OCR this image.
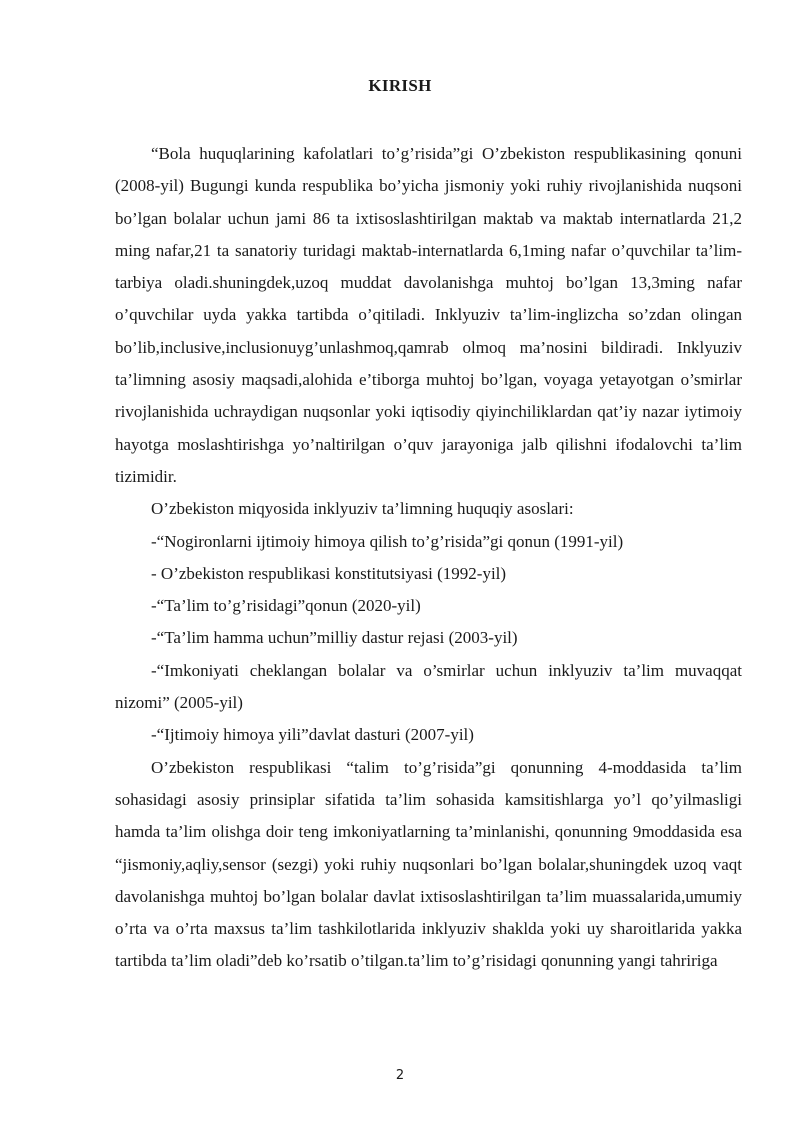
KIRISH

“Bola huquqlarining kafolatlari to’g’risida”gi O’zbekiston respublikasining qonuni (2008-yil) Bugungi kunda respublika bo’yicha jismoniy yoki ruhiy rivojlanishida nuqsoni bo’lgan bolalar uchun jami 86 ta ixtisoslashtirilgan maktab va maktab internatlarda 21,2 ming nafar,21 ta sanatoriy turidagi maktab-internatlarda 6,1ming nafar o’quvchilar ta’lim-tarbiya oladi.shuningdek,uzoq muddat davolanishga muhtoj bo’lgan 13,3ming nafar o’quvchilar uyda yakka tartibda o’qitiladi. Inklyuziv ta’lim-inglizcha so’zdan olingan bo’lib,inclusive,inclusionuyg’unlashmoq,qamrab olmoq ma’nosini bildiradi. Inklyuziv ta’limning asosiy maqsadi,alohida e’tiborga muhtoj bo’lgan, voyaga yetayotgan o’smirlar rivojlanishida uchraydigan nuqsonlar yoki iqtisodiy qiyinchiliklardan qat’iy nazar iytimoiy hayotga moslashtirishga yo’naltirilgan o’quv jarayoniga jalb qilishni ifodalovchi ta’lim tizimidir.

O’zbekiston miqyosida inklyuziv ta’limning huquqiy asoslari:

-“Nogironlarni ijtimoiy himoya qilish to’g’risida”gi qonun (1991-yil)

- O’zbekiston respublikasi konstitutsiyasi (1992-yil)

-“Ta’lim to’g’risidagi”qonun (2020-yil)

-“Ta’lim hamma uchun”milliy dastur rejasi (2003-yil)

-“Imkoniyati cheklangan bolalar va o’smirlar uchun inklyuziv ta’lim muvaqqat nizomi” (2005-yil)

-“Ijtimoiy himoya yili”davlat dasturi (2007-yil)

O’zbekiston respublikasi “talim to’g’risida”gi qonunning 4-moddasida ta’lim sohasidagi asosiy prinsiplar sifatida ta’lim sohasida kamsitishlarga yo’l qo’yilmasligi hamda ta’lim olishga doir teng imkoniyatlarning ta’minlanishi, qonunning 9moddasida esa “jismoniy,aqliy,sensor (sezgi) yoki ruhiy nuqsonlari bo’lgan bolalar,shuningdek uzoq vaqt davolanishga muhtoj bo’lgan bolalar davlat ixtisoslashtirilgan ta’lim muassalarida,umumiy o’rta va o’rta maxsus ta’lim tashkilotlarida inklyuziv shaklda yoki uy sharoitlarida yakka tartibda ta’lim oladi”deb ko’rsatib o’tilgan.ta’lim to’g’risidagi qonunning yangi tahririga

2
